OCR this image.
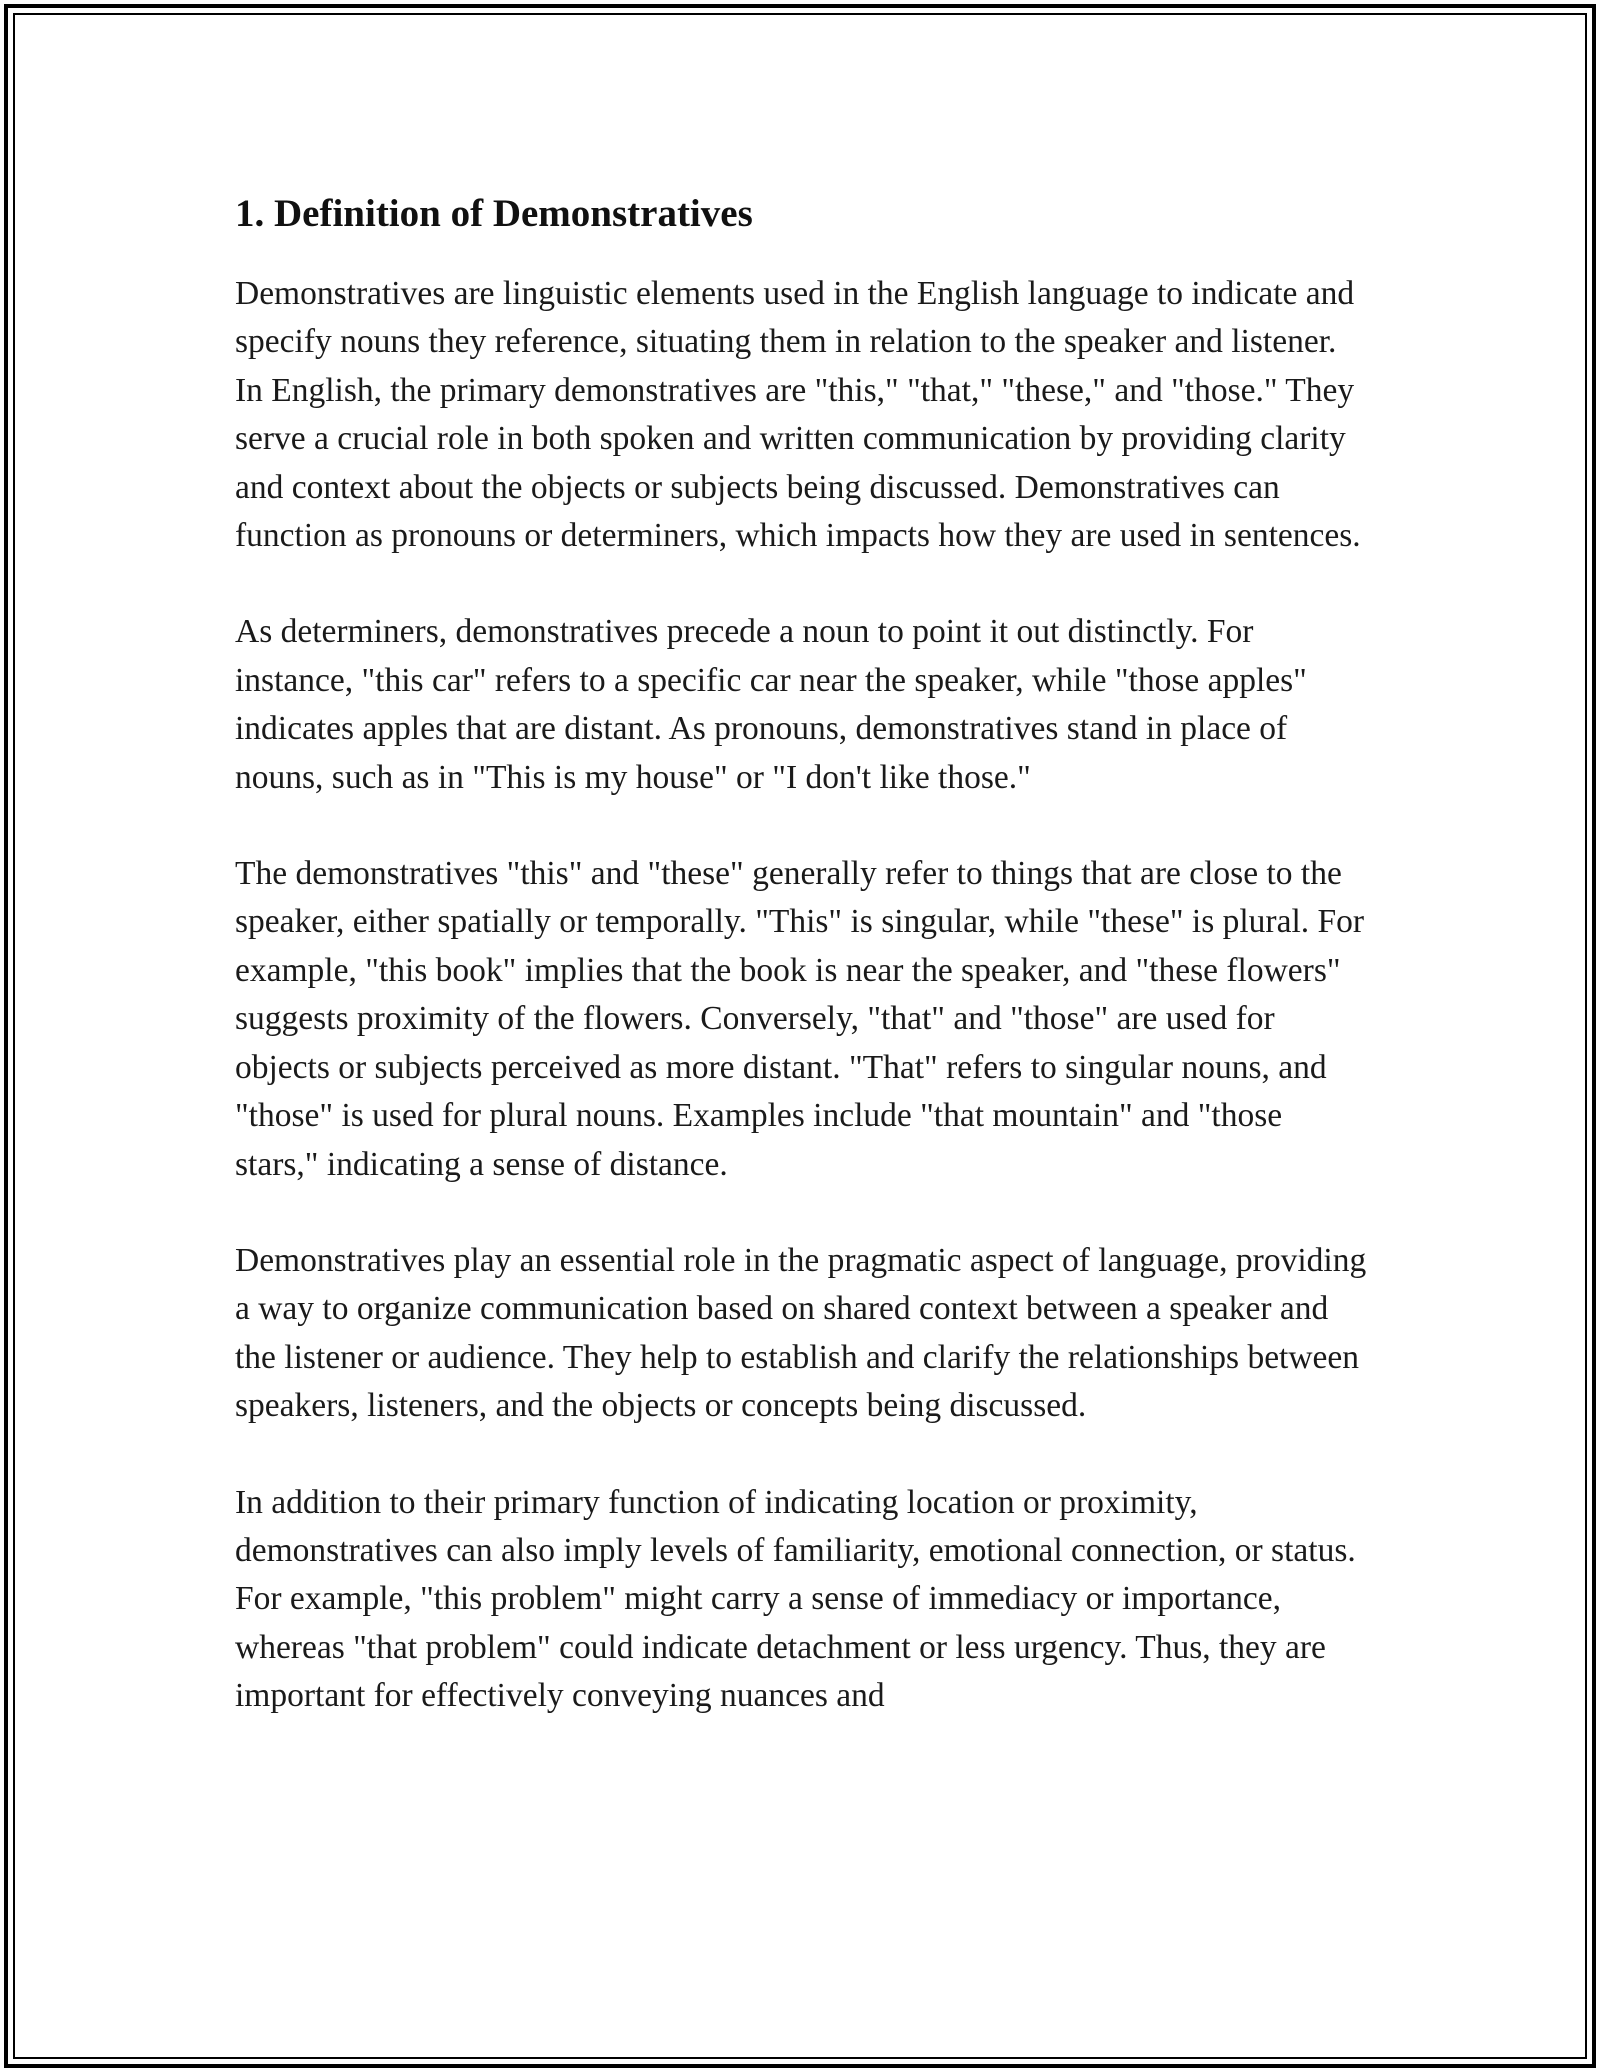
1. Definition of Demonstratives

Demonstratives are linguistic elements used in the English language to indicate and specify nouns they reference, situating them in relation to the speaker and listener. In English, the primary demonstratives are "this," "that," "these," and "those." They serve a crucial role in both spoken and written communication by providing clarity and context about the objects or subjects being discussed. Demonstratives can function as pronouns or determiners, which impacts how they are used in sentences.

As determiners, demonstratives precede a noun to point it out distinctly. For instance, "this car" refers to a specific car near the speaker, while "those apples" indicates apples that are distant. As pronouns, demonstratives stand in place of nouns, such as in "This is my house" or "I don't like those."

The demonstratives "this" and "these" generally refer to things that are close to the speaker, either spatially or temporally. "This" is singular, while "these" is plural. For example, "this book" implies that the book is near the speaker, and "these flowers" suggests proximity of the flowers. Conversely, "that" and "those" are used for objects or subjects perceived as more distant. "That" refers to singular nouns, and "those" is used for plural nouns. Examples include "that mountain" and "those stars," indicating a sense of distance.

Demonstratives play an essential role in the pragmatic aspect of language, providing a way to organize communication based on shared context between a speaker and the listener or audience. They help to establish and clarify the relationships between speakers, listeners, and the objects or concepts being discussed.

In addition to their primary function of indicating location or proximity, demonstratives can also imply levels of familiarity, emotional connection, or status. For example, "this problem" might carry a sense of immediacy or importance, whereas "that problem" could indicate detachment or less urgency. Thus, they are important for effectively conveying nuances and
